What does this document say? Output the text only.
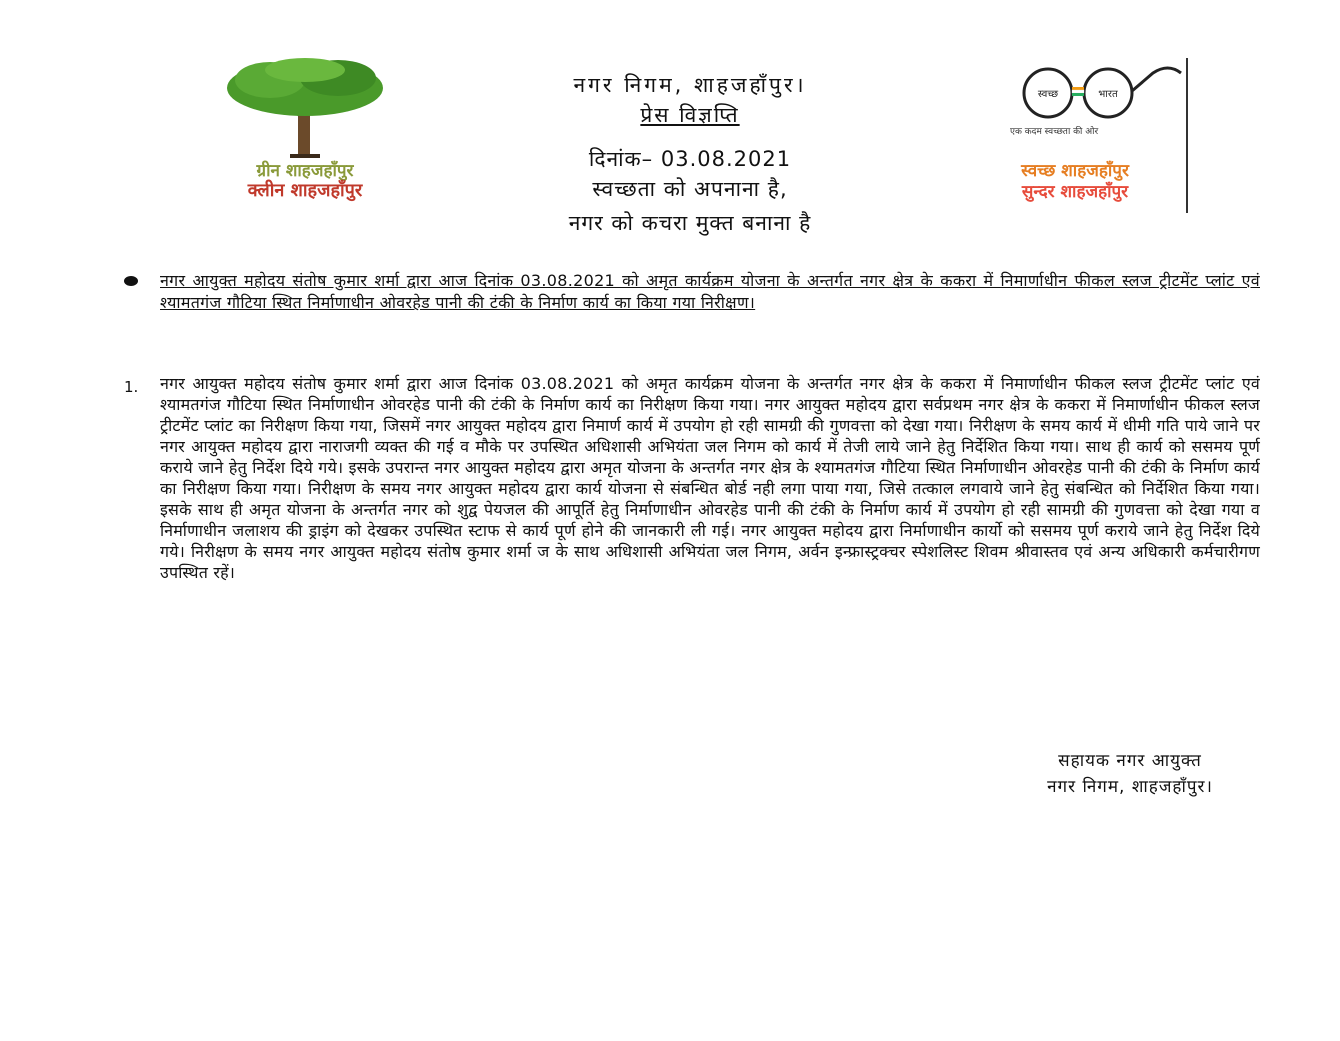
ग्रीन शाहजहाँपुर
क्लीन शाहजहाँपुर
नगर निगम, शाहजहाँपुर।
प्रेस विज्ञप्ति
दिनांक– 03.08.2021
स्वच्छता को अपनाना है,
नगर को कचरा मुक्त बनाना है
स्वच्छ	भारत
एक कदम स्वच्छता की ओर
स्वच्छ शाहजहाँपुर
सुन्दर शाहजहाँपुर
नगर आयुक्त महोदय संतोष कुमार शर्मा द्वारा आज दिनांक 03.08.2021 को अमृत कार्यक्रम योजना के अन्तर्गत नगर क्षेत्र के ककरा में निमार्णाधीन फीकल स्लज ट्रीटमेंट प्लांट एवं श्यामतगंज गौटिया स्थित निर्माणाधीन ओवरहेड पानी की टंकी के निर्माण कार्य का किया गया निरीक्षण।
1. नगर आयुक्त महोदय संतोष कुमार शर्मा द्वारा आज दिनांक 03.08.2021 को अमृत कार्यक्रम योजना के अन्तर्गत नगर क्षेत्र के ककरा में निमार्णाधीन फीकल स्लज ट्रीटमेंट प्लांट एवं श्यामतगंज गौटिया स्थित निर्माणाधीन ओवरहेड पानी की टंकी के निर्माण कार्य का निरीक्षण किया गया। नगर आयुक्त महोदय द्वारा सर्वप्रथम नगर क्षेत्र के ककरा में निमार्णाधीन फीकल स्लज ट्रीटमेंट प्लांट का निरीक्षण किया गया, जिसमें नगर आयुक्त महोदय द्वारा निमार्ण कार्य में उपयोग हो रही सामग्री की गुणवत्ता को देखा गया। निरीक्षण के समय कार्य में धीमी गति पाये जाने पर नगर आयुक्त महोदय द्वारा नाराजगी व्यक्त की गई व मौके पर उपस्थित अधिशासी अभियंता जल निगम को कार्य में तेजी लाये जाने हेतु निर्देशित किया गया। साथ ही कार्य को ससमय पूर्ण कराये जाने हेतु निर्देश दिये गये। इसके उपरान्त नगर आयुक्त महोदय द्वारा अमृत योजना के अन्तर्गत नगर क्षेत्र के श्यामतगंज गौटिया स्थित निर्माणाधीन ओवरहेड पानी की टंकी के निर्माण कार्य का निरीक्षण किया गया। निरीक्षण के समय नगर आयुक्त महोदय द्वारा कार्य योजना से संबन्धित बोर्ड नही लगा पाया गया, जिसे तत्काल लगवाये जाने हेतु संबन्धित को निर्देशित किया गया। इसके साथ ही अमृत योजना के अन्तर्गत नगर को शुद्व पेयजल की आपूर्ति हेतु निर्माणाधीन ओवरहेड पानी की टंकी के निर्माण कार्य में उपयोग हो रही सामग्री की गुणवत्ता को देखा गया व निर्माणाधीन जलाशय की ड्राइंग को देखकर उपस्थित स्टाफ से कार्य पूर्ण होने की जानकारी ली गई। नगर आयुक्त महोदय द्वारा निर्माणाधीन कार्यो को ससमय पूर्ण कराये जाने हेतु निर्देश दिये गये। निरीक्षण के समय नगर आयुक्त महोदय संतोष कुमार शर्मा ज के साथ अधिशासी अभियंता जल निगम, अर्वन इन्फ्रास्ट्रक्चर स्पेशलिस्ट शिवम श्रीवास्तव एवं अन्य अधिकारी कर्मचारीगण उपस्थित रहें।
सहायक नगर आयुक्त
नगर निगम, शाहजहाँपुर।
